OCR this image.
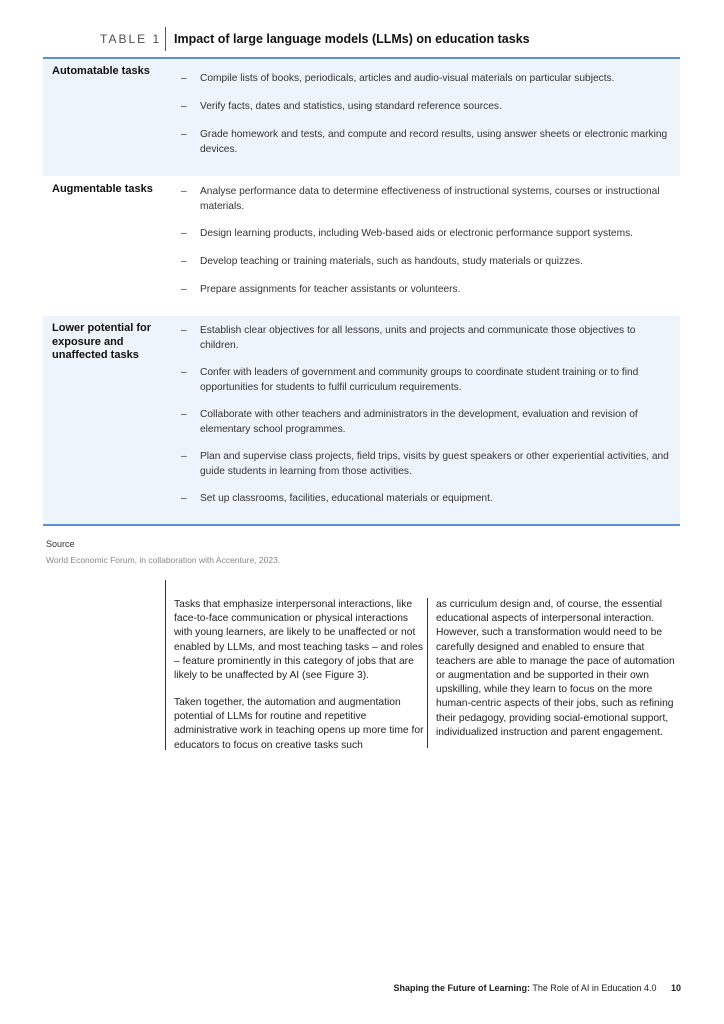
TABLE 1 Impact of large language models (LLMs) on education tasks
Automatable tasks
– Compile lists of books, periodicals, articles and audio-visual materials on particular subjects.
– Verify facts, dates and statistics, using standard reference sources.
– Grade homework and tests, and compute and record results, using answer sheets or electronic marking devices.
Augmentable tasks	– Analyse performance data to determine effectiveness of instructional systems, courses or instructional materials.
– Design learning products, including Web-based aids or electronic performance support systems.
– Develop teaching or training materials, such as handouts, study materials or quizzes.
– Prepare assignments for teacher assistants or volunteers.
Lower potential for exposure and unaffected tasks
– Establish clear objectives for all lessons, units and projects and communicate those objectives to children.
– Confer with leaders of government and community groups to coordinate student training or to find opportunities for students to fulfil curriculum requirements.
– Collaborate with other teachers and administrators in the development, evaluation and revision of elementary school programmes.
– Plan and supervise class projects, field trips, visits by guest speakers or other experiential activities, and guide students in learning from those activities.
– Set up classrooms, facilities, educational materials or equipment.
Source
World Economic Forum, in collaboration with Accenture, 2023.
Tasks that emphasize interpersonal interactions, like face-to-face communication or physical interactions with young learners, are likely to be unaffected or not enabled by LLMs, and most teaching tasks – and roles – feature prominently in this category of jobs that are likely to be unaffected by AI (see Figure 3).
Taken together, the automation and augmentation potential of LLMs for routine and repetitive administrative work in teaching opens up more time for educators to focus on creative tasks such
as curriculum design and, of course, the essential educational aspects of interpersonal interaction. However, such a transformation would need to be carefully designed and enabled to ensure that teachers are able to manage the pace of automation or augmentation and be supported in their own upskilling, while they learn to focus on the more human-centric aspects of their jobs, such as refining their pedagogy, providing social-emotional support, individualized instruction and parent engagement.
Shaping the Future of Learning: The Role of AI in Education 4.0 10
